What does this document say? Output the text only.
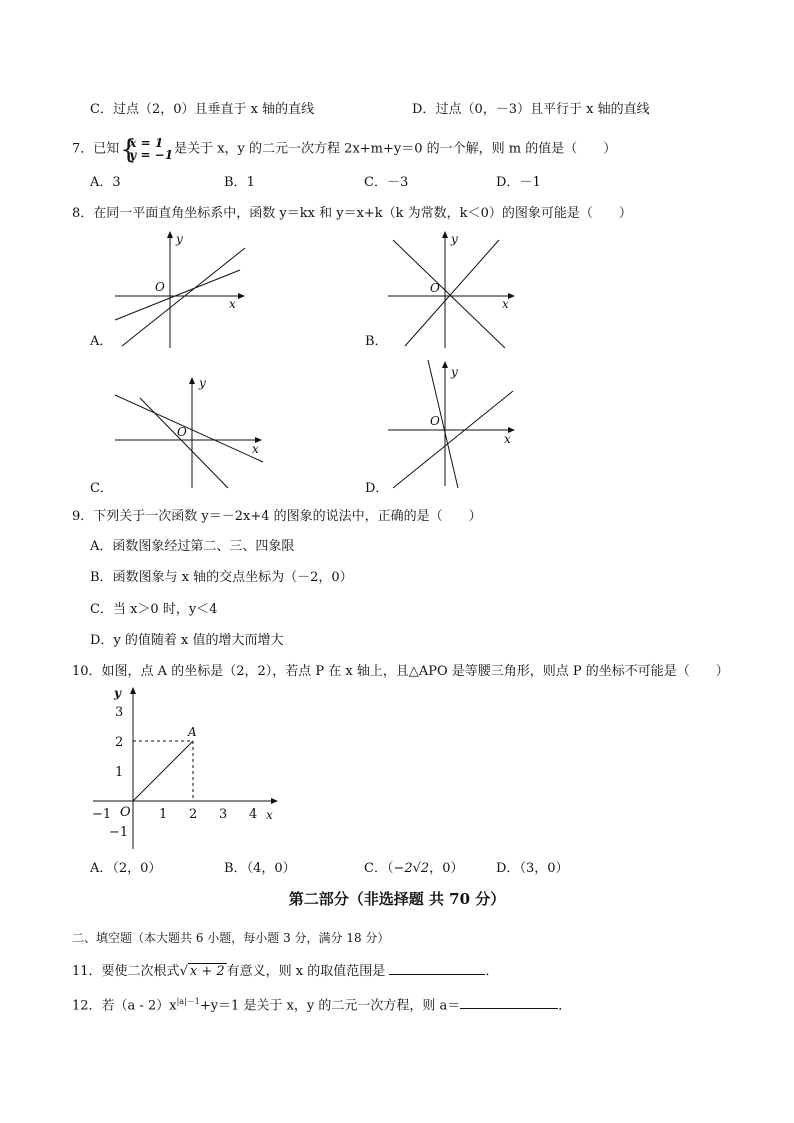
C．过点（2，0）且垂直于 x 轴的直线	D．过点（0，－3）且平行于 x 轴的直线
7．已知 {
x = 1
y = −1 是关于 x，y 的二元一次方程 2x+m+y＝0 的一个解，则 m 的值是（　　）
A．3	B．1	C．－3	D．－1
8．在同一平面直角坐标系中，函数 y＝kx 和 y＝x+k（k 为常数，k＜0）的图象可能是（　　）
y
x
O
A．
y
x
O
B．
y
x
O
C．
y
x
O
D．
9．下列关于一次函数 y＝－2x+4 的图象的说法中，正确的是（　　）
A．函数图象经过第二、三、四象限
B．函数图象与 x 轴的交点坐标为（－2，0）
C．当 x＞0 时，y＜4
D．y 的值随着 x 值的增大而增大
10．如图，点 A 的坐标是（2，2），若点 P 在 x 轴上，且△APO 是等腰三角形，则点 P 的坐标不可能是（　　）
y
x
O
−1	1 2 3 4
3
2
1
−1
A
A．（2，0）	B．（4，0）	C．（−2√2，0）	D．（3，0）
第二部分（非选择题 共 70 分）
二、填空题（本大题共 6 小题，每小题 3 分，满分 18 分）
11．要使二次根式√ x + 2 有意义，则 x 的取值范围是	．
12．若$(a - 2)x^{|a|-1}+y=1$ 是关于 x，y 的二元一次方程，则 a＝	．
